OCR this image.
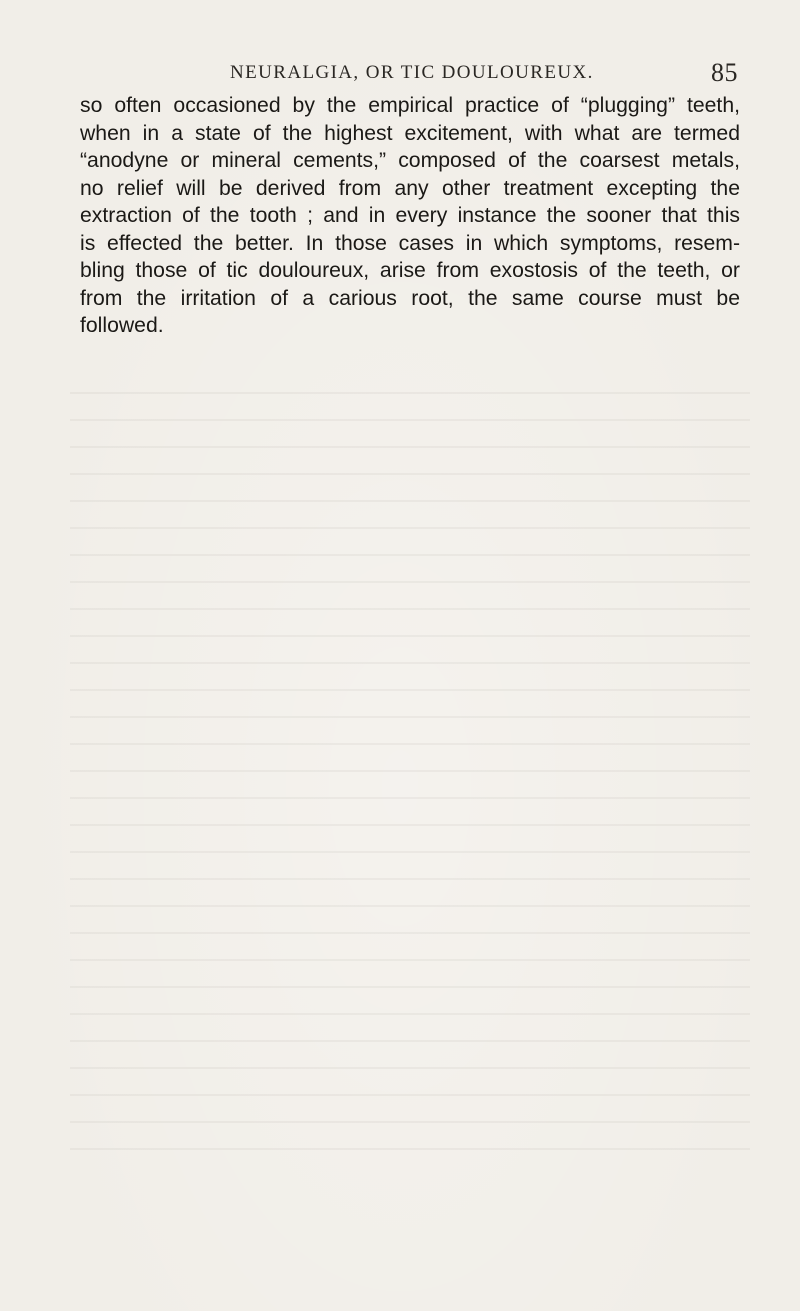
NEURALGIA, OR TIC DOULOUREUX.	85
so often occasioned by the empirical practice of “plugging” teeth,
when in a state of the highest excitement, with what are termed
“anodyne or mineral cements,” composed of the coarsest metals,
no relief will be derived from any other treatment excepting the
extraction of the tooth ; and in every instance the sooner that this
is effected the better. In those cases in which symptoms, resem-
bling those of tic douloureux, arise from exostosis of the teeth, or
from the irritation of a carious root, the same course must be
followed.
